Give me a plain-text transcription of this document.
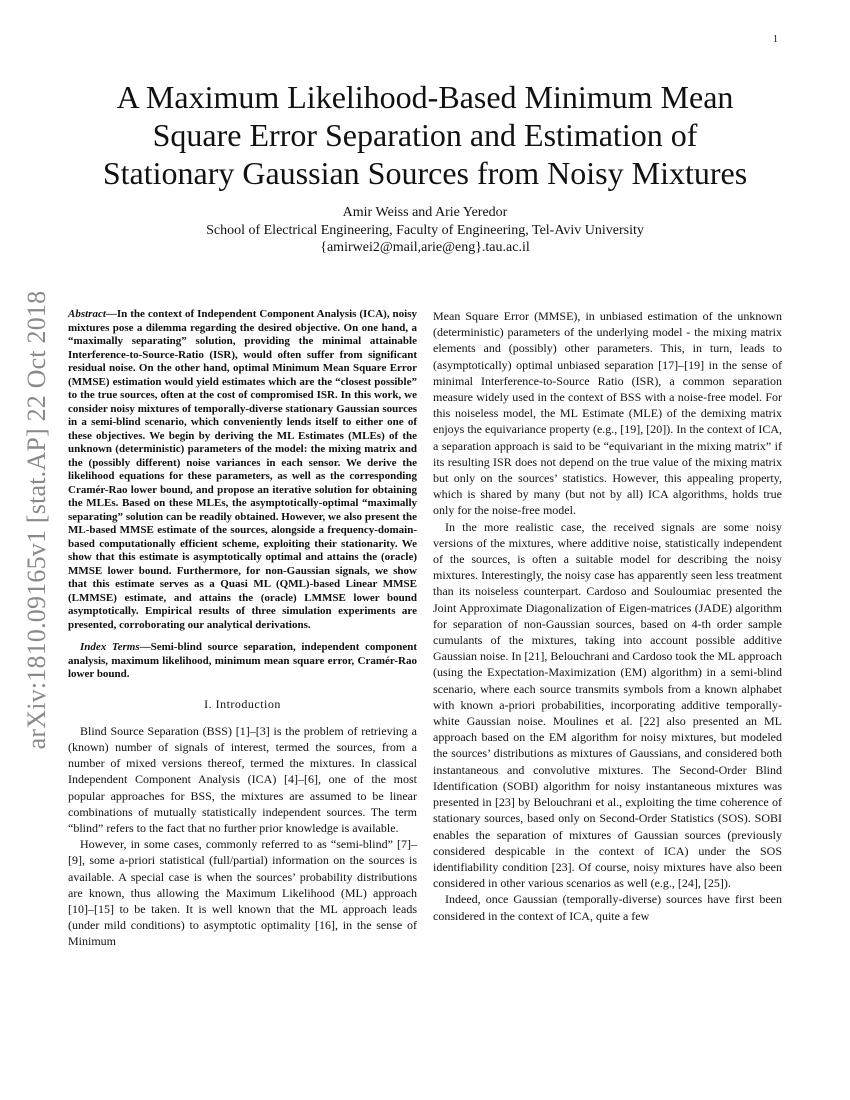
1
arXiv:1810.09165v1 [stat.AP] 22 Oct 2018
A Maximum Likelihood-Based Minimum Mean
Square Error Separation and Estimation of
Stationary Gaussian Sources from Noisy Mixtures
Amir Weiss and Arie Yeredor
School of Electrical Engineering, Faculty of Engineering, Tel-Aviv University
{amirwei2@mail,arie@eng}.tau.ac.il

Abstract—In the context of Independent Component Analysis (ICA), noisy mixtures pose a dilemma regarding the desired objective. On one hand, a “maximally separating” solution, providing the minimal attainable Interference-to-Source-Ratio (ISR), would often suffer from significant residual noise. On the other hand, optimal Minimum Mean Square Error (MMSE) estimation would yield estimates which are the “closest possible” to the true sources, often at the cost of compromised ISR. In this work, we consider noisy mixtures of temporally-diverse stationary Gaussian sources in a semi-blind scenario, which conveniently lends itself to either one of these objectives. We begin by deriving the ML Estimates (MLEs) of the unknown (deterministic) parameters of the model: the mixing matrix and the (possibly different) noise variances in each sensor. We derive the likelihood equations for these parameters, as well as the corresponding Cramér-Rao lower bound, and propose an iterative solution for obtaining the MLEs. Based on these MLEs, the asymptotically-optimal “maximally separating” solution can be readily obtained. However, we also present the ML-based MMSE estimate of the sources, alongside a frequency-domain-based computationally efficient scheme, exploiting their stationarity. We show that this estimate is asymptotically optimal and attains the (oracle) MMSE lower bound. Furthermore, for non-Gaussian signals, we show that this estimate serves as a Quasi ML (QML)-based Linear MMSE (LMMSE) estimate, and attains the (oracle) LMMSE lower bound asymptotically. Empirical results of three simulation experiments are presented, corroborating our analytical derivations.

Index Terms—Semi-blind source separation, independent component analysis, maximum likelihood, minimum mean square error, Cramér-Rao lower bound.

I. Introduction

Blind Source Separation (BSS) [1]–[3] is the problem of retrieving a (known) number of signals of interest, termed the sources, from a number of mixed versions thereof, termed the mixtures. In classical Independent Component Analysis (ICA) [4]–[6], one of the most popular approaches for BSS, the mixtures are assumed to be linear combinations of mutually statistically independent sources. The term “blind” refers to the fact that no further prior knowledge is available.

However, in some cases, commonly referred to as “semi-blind” [7]–[9], some a-priori statistical (full/partial) information on the sources is available. A special case is when the sources’ probability distributions are known, thus allowing the Maximum Likelihood (ML) approach [10]–[15] to be taken. It is well known that the ML approach leads (under mild conditions) to asymptotic optimality [16], in the sense of Minimum

Mean Square Error (MMSE), in unbiased estimation of the unknown (deterministic) parameters of the underlying model - the mixing matrix elements and (possibly) other parameters. This, in turn, leads to (asymptotically) optimal unbiased separation [17]–[19] in the sense of minimal Interference-to-Source Ratio (ISR), a common separation measure widely used in the context of BSS with a noise-free model. For this noiseless model, the ML Estimate (MLE) of the demixing matrix enjoys the equivariance property (e.g., [19], [20]). In the context of ICA, a separation approach is said to be “equivariant in the mixing matrix” if its resulting ISR does not depend on the true value of the mixing matrix but only on the sources’ statistics. However, this appealing property, which is shared by many (but not by all) ICA algorithms, holds true only for the noise-free model.

In the more realistic case, the received signals are some noisy versions of the mixtures, where additive noise, statistically independent of the sources, is often a suitable model for describing the noisy mixtures. Interestingly, the noisy case has apparently seen less treatment than its noiseless counterpart. Cardoso and Souloumiac presented the Joint Approximate Diagonalization of Eigen-matrices (JADE) algorithm for separation of non-Gaussian sources, based on 4-th order sample cumulants of the mixtures, taking into account possible additive Gaussian noise. In [21], Belouchrani and Cardoso took the ML approach (using the Expectation-Maximization (EM) algorithm) in a semi-blind scenario, where each source transmits symbols from a known alphabet with known a-priori probabilities, incorporating additive temporally-white Gaussian noise. Moulines et al. [22] also presented an ML approach based on the EM algorithm for noisy mixtures, but modeled the sources’ distributions as mixtures of Gaussians, and considered both instantaneous and convolutive mixtures. The Second-Order Blind Identification (SOBI) algorithm for noisy instantaneous mixtures was presented in [23] by Belouchrani et al., exploiting the time coherence of stationary sources, based only on Second-Order Statistics (SOS). SOBI enables the separation of mixtures of Gaussian sources (previously considered despicable in the context of ICA) under the SOS identifiability condition [23]. Of course, noisy mixtures have also been considered in other various scenarios as well (e.g., [24], [25]).

Indeed, once Gaussian (temporally-diverse) sources have first been considered in the context of ICA, quite a few
